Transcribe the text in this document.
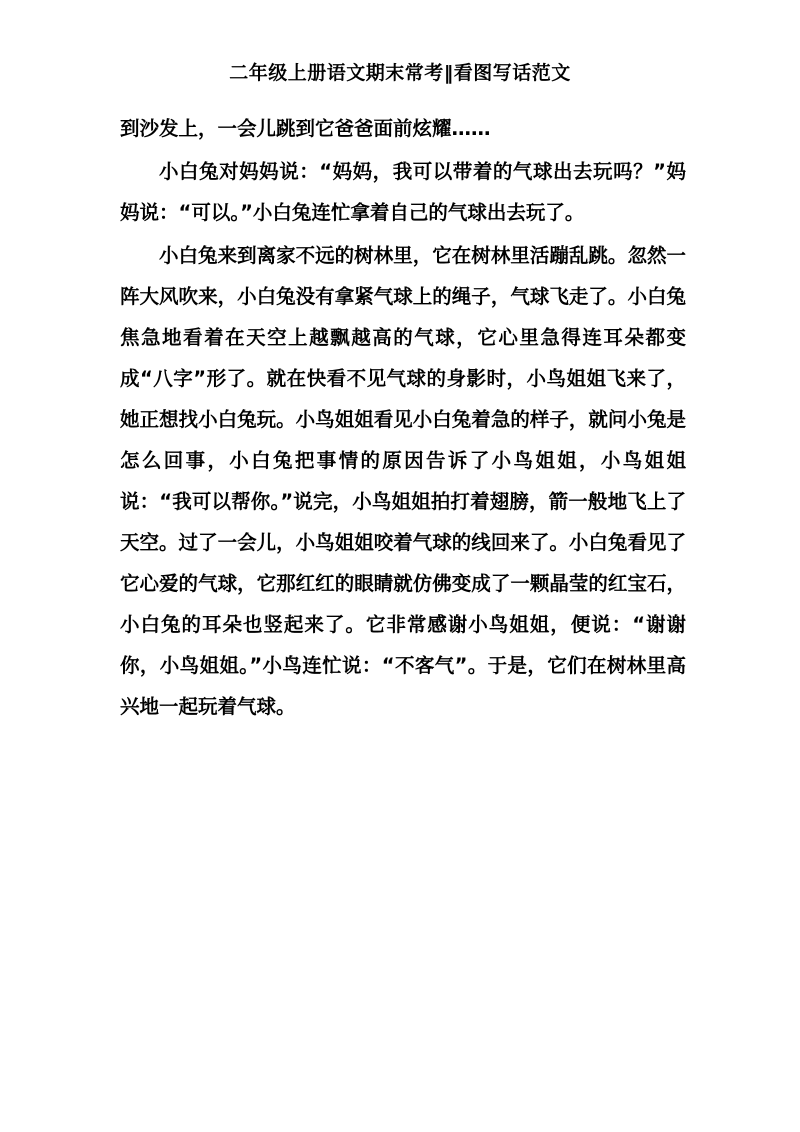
二年级上册语文期末常考‖看图写话范文

到沙发上，一会儿跳到它爸爸面前炫耀……

小白兔对妈妈说：“妈妈，我可以带着的气球出去玩吗？”妈妈说：“可以。”小白兔连忙拿着自己的气球出去玩了。

小白兔来到离家不远的树林里，它在树林里活蹦乱跳。忽然一阵大风吹来，小白兔没有拿紧气球上的绳子，气球飞走了。小白兔焦急地看着在天空上越飘越高的气球，它心里急得连耳朵都变成“八字”形了。就在快看不见气球的身影时，小鸟姐姐飞来了，她正想找小白兔玩。小鸟姐姐看见小白兔着急的样子，就问小兔是怎么回事，小白兔把事情的原因告诉了小鸟姐姐，小鸟姐姐说：“我可以帮你。”说完，小鸟姐姐拍打着翅膀，箭一般地飞上了天空。过了一会儿，小鸟姐姐咬着气球的线回来了。小白兔看见了它心爱的气球，它那红红的眼睛就仿佛变成了一颗晶莹的红宝石，小白兔的耳朵也竖起来了。它非常感谢小鸟姐姐，便说：“谢谢你，小鸟姐姐。”小鸟连忙说：“不客气”。于是，它们在树林里高兴地一起玩着气球。
